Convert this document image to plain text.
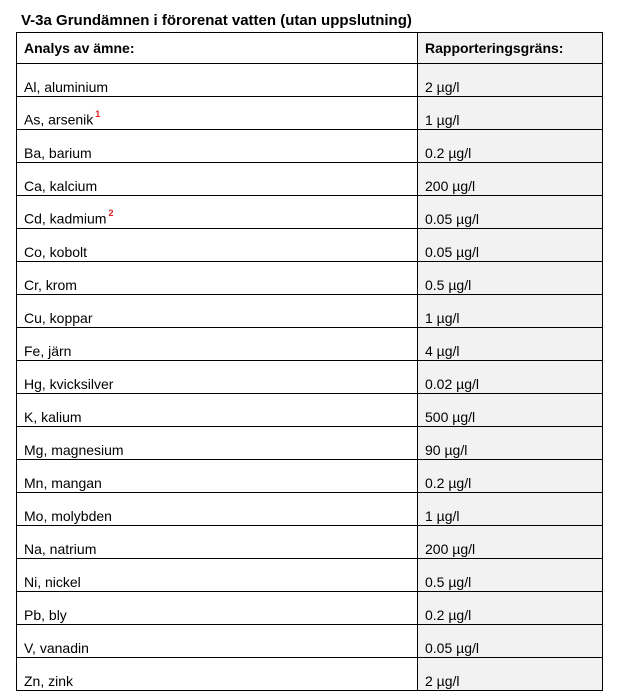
V-3a Grundämnen i förorenat vatten (utan uppslutning)
Analys av ämne:	Rapporteringsgräns:
Al, aluminium	2 µg/l
As, arsenik $^1$	1 µg/l
Ba, barium	0.2 µg/l
Ca, kalcium	200 µg/l
Cd, kadmium $^2$	0.05 µg/l
Co, kobolt	0.05 µg/l
Cr, krom	0.5 µg/l
Cu, koppar	1 µg/l
Fe, järn	4 µg/l
Hg, kvicksilver	0.02 µg/l
K, kalium	500 µg/l
Mg, magnesium	90 µg/l
Mn, mangan	0.2 µg/l
Mo, molybden	1 µg/l
Na, natrium	200 µg/l
Ni, nickel	0.5 µg/l
Pb, bly	0.2 µg/l
V, vanadin	0.05 µg/l
Zn, zink	2 µg/l
